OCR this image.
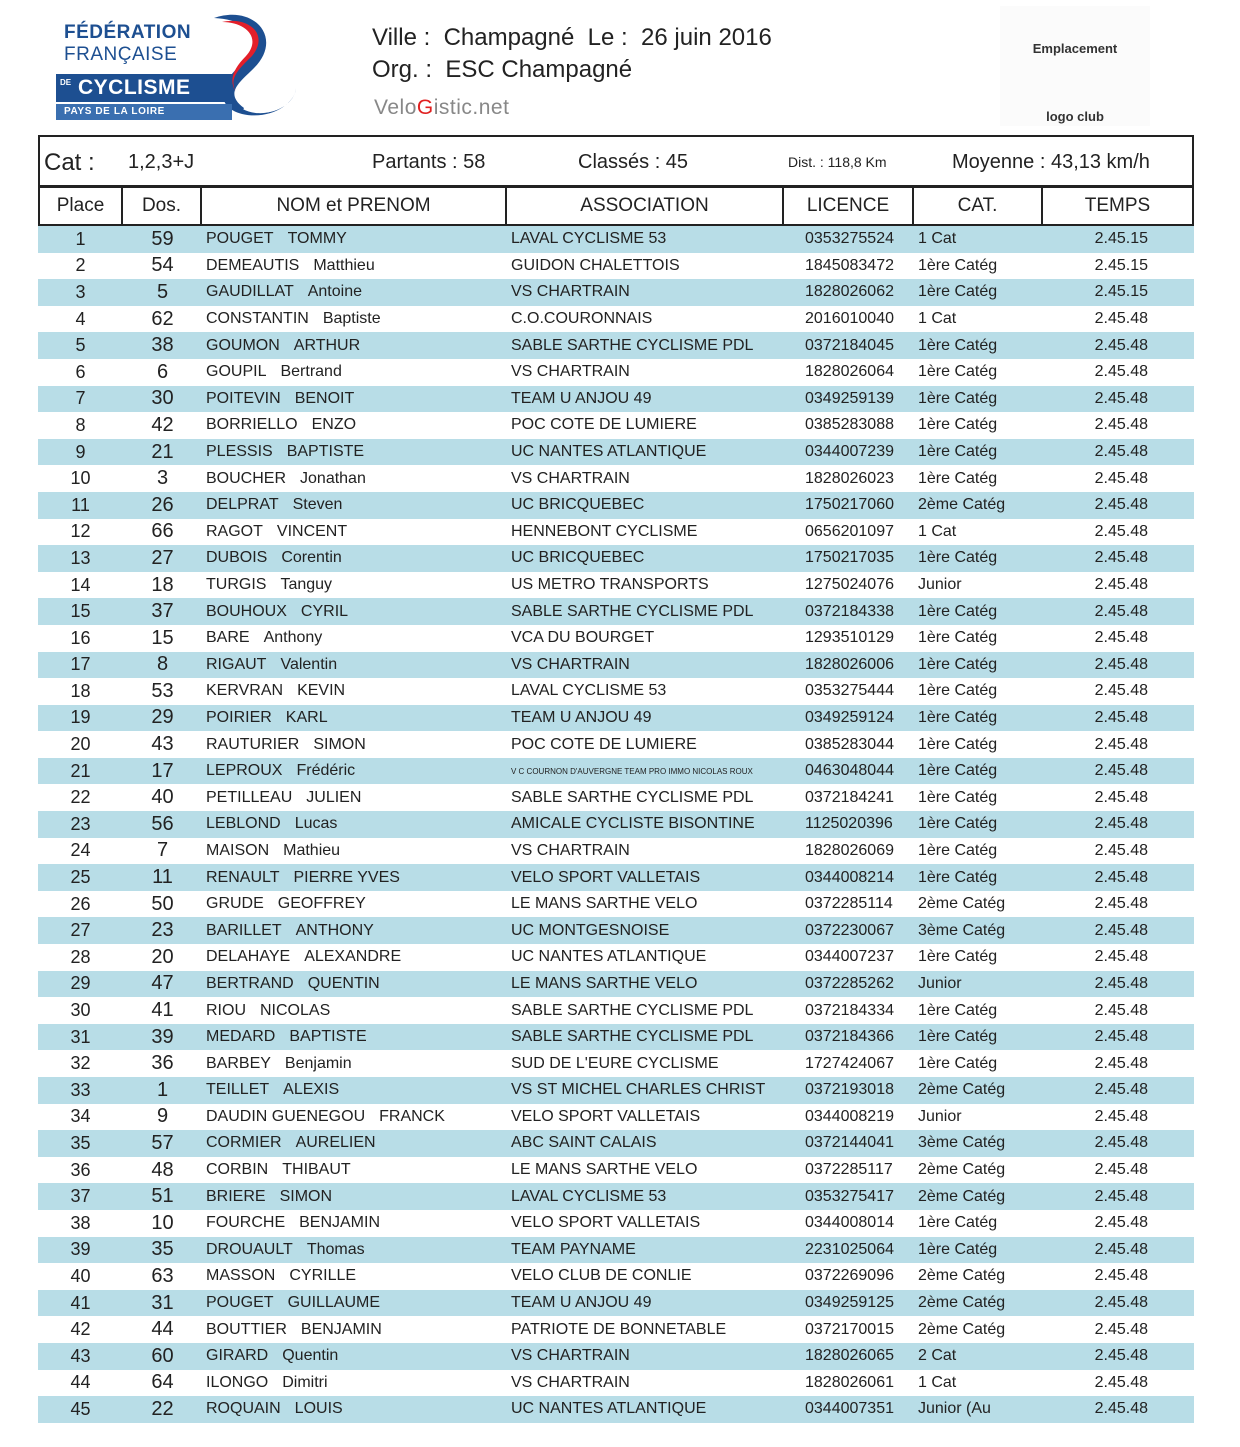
FÉDÉRATION
FRANÇAISE
DE CYCLISME
PAYS DE LA LOIRE
Ville :  Champagné  Le :  26 juin 2016
Org. :  ESC Champagné
VeloGistic.net
Emplacement

logo club
Cat : 1,2,3+J	Partants : 58	Classés : 45	Dist. : 118,8 Km	Moyenne : 43,13 km/h
Place	Dos.	NOM et PRENOM	ASSOCIATION	LICENCE	CAT.	TEMPS
1	59	POUGET TOMMY	LAVAL CYCLISME 53	0353275524	1 Cat	2.45.15
2	54	DEMEAUTIS Matthieu	GUIDON CHALETTOIS	1845083472	1ère Catég	2.45.15
3	5	GAUDILLAT Antoine	VS CHARTRAIN	1828026062	1ère Catég	2.45.15
4	62	CONSTANTIN Baptiste	C.O.COURONNAIS	2016010040	1 Cat	2.45.48
5	38	GOUMON ARTHUR	SABLE SARTHE CYCLISME PDL	0372184045	1ère Catég	2.45.48
6	6	GOUPIL Bertrand	VS CHARTRAIN	1828026064	1ère Catég	2.45.48
7	30	POITEVIN BENOIT	TEAM U ANJOU 49	0349259139	1ère Catég	2.45.48
8	42	BORRIELLO ENZO	POC COTE DE LUMIERE	0385283088	1ère Catég	2.45.48
9	21	PLESSIS BAPTISTE	UC NANTES ATLANTIQUE	0344007239	1ère Catég	2.45.48
10	3	BOUCHER Jonathan	VS CHARTRAIN	1828026023	1ère Catég	2.45.48
11	26	DELPRAT Steven	UC BRICQUEBEC	1750217060	2ème Catég	2.45.48
12	66	RAGOT VINCENT	HENNEBONT CYCLISME	0656201097	1 Cat	2.45.48
13	27	DUBOIS Corentin	UC BRICQUEBEC	1750217035	1ère Catég	2.45.48
14	18	TURGIS Tanguy	US METRO TRANSPORTS	1275024076	Junior	2.45.48
15	37	BOUHOUX CYRIL	SABLE SARTHE CYCLISME PDL	0372184338	1ère Catég	2.45.48
16	15	BARE Anthony	VCA DU BOURGET	1293510129	1ère Catég	2.45.48
17	8	RIGAUT Valentin	VS CHARTRAIN	1828026006	1ère Catég	2.45.48
18	53	KERVRAN KEVIN	LAVAL CYCLISME 53	0353275444	1ère Catég	2.45.48
19	29	POIRIER KARL	TEAM U ANJOU 49	0349259124	1ère Catég	2.45.48
20	43	RAUTURIER SIMON	POC COTE DE LUMIERE	0385283044	1ère Catég	2.45.48
21	17	LEPROUX Frédéric	V C COURNON D'AUVERGNE TEAM PRO IMMO NICOLAS ROUX	0463048044	1ère Catég	2.45.48
22	40	PETILLEAU JULIEN	SABLE SARTHE CYCLISME PDL	0372184241	1ère Catég	2.45.48
23	56	LEBLOND Lucas	AMICALE CYCLISTE BISONTINE	1125020396	1ère Catég	2.45.48
24	7	MAISON Mathieu	VS CHARTRAIN	1828026069	1ère Catég	2.45.48
25	11	RENAULT PIERRE YVES	VELO SPORT VALLETAIS	0344008214	1ère Catég	2.45.48
26	50	GRUDE GEOFFREY	LE MANS SARTHE VELO	0372285114	2ème Catég	2.45.48
27	23	BARILLET ANTHONY	UC MONTGESNOISE	0372230067	3ème Catég	2.45.48
28	20	DELAHAYE ALEXANDRE	UC NANTES ATLANTIQUE	0344007237	1ère Catég	2.45.48
29	47	BERTRAND QUENTIN	LE MANS SARTHE VELO	0372285262	Junior	2.45.48
30	41	RIOU NICOLAS	SABLE SARTHE CYCLISME PDL	0372184334	1ère Catég	2.45.48
31	39	MEDARD BAPTISTE	SABLE SARTHE CYCLISME PDL	0372184366	1ère Catég	2.45.48
32	36	BARBEY Benjamin	SUD DE L'EURE CYCLISME	1727424067	1ère Catég	2.45.48
33	1	TEILLET ALEXIS	VS ST MICHEL CHARLES CHRIST	0372193018	2ème Catég	2.45.48
34	9	DAUDIN GUENEGOU FRANCK	VELO SPORT VALLETAIS	0344008219	Junior	2.45.48
35	57	CORMIER AURELIEN	ABC SAINT CALAIS	0372144041	3ème Catég	2.45.48
36	48	CORBIN THIBAUT	LE MANS SARTHE VELO	0372285117	2ème Catég	2.45.48
37	51	BRIERE SIMON	LAVAL CYCLISME 53	0353275417	2ème Catég	2.45.48
38	10	FOURCHE BENJAMIN	VELO SPORT VALLETAIS	0344008014	1ère Catég	2.45.48
39	35	DROUAULT Thomas	TEAM PAYNAME	2231025064	1ère Catég	2.45.48
40	63	MASSON CYRILLE	VELO CLUB DE CONLIE	0372269096	2ème Catég	2.45.48
41	31	POUGET GUILLAUME	TEAM U ANJOU 49	0349259125	2ème Catég	2.45.48
42	44	BOUTTIER BENJAMIN	PATRIOTE DE BONNETABLE	0372170015	2ème Catég	2.45.48
43	60	GIRARD Quentin	VS CHARTRAIN	1828026065	2 Cat	2.45.48
44	64	ILONGO Dimitri	VS CHARTRAIN	1828026061	1 Cat	2.45.48
45	22	ROQUAIN LOUIS	UC NANTES ATLANTIQUE	0344007351	Junior (Au	2.45.48
